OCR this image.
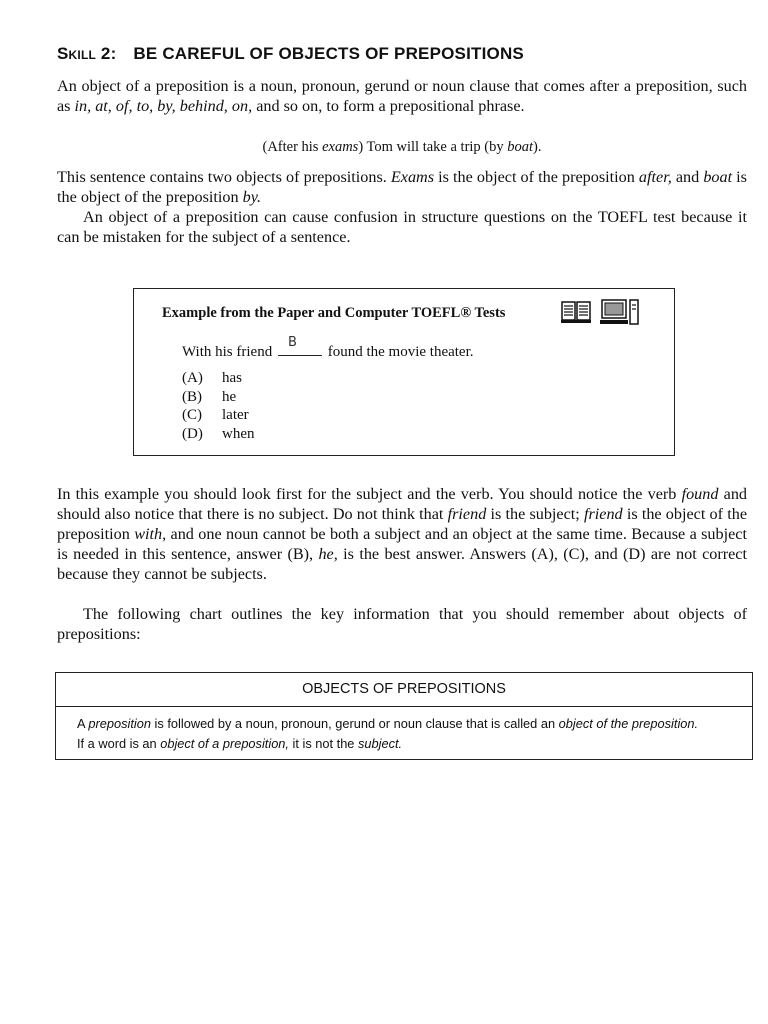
Skill 2: BE CAREFUL OF OBJECTS OF PREPOSITIONS

An object of a preposition is a noun, pronoun, gerund or noun clause that comes after a preposition, such as in, at, of, to, by, behind, on, and so on, to form a prepositional phrase.

(After his exams) Tom will take a trip (by boat).

This sentence contains two objects of prepositions. Exams is the object of the preposition after, and boat is the object of the preposition by.

An object of a preposition can cause confusion in structure questions on the TOEFL test because it can be mistaken for the subject of a sentence.

Example from the Paper and Computer TOEFL® Tests
With his friend
B
found the movie theater.
(A) has
(B) he
(C) later
(D) when

In this example you should look first for the subject and the verb. You should notice the verb found and should also notice that there is no subject. Do not think that friend is the subject; friend is the object of the preposition with, and one noun cannot be both a subject and an object at the same time. Because a subject is needed in this sentence, answer (B), he, is the best answer. Answers (A), (C), and (D) are not correct because they cannot be subjects.

The following chart outlines the key information that you should remember about objects of prepositions:

OBJECTS OF PREPOSITIONS
A preposition is followed by a noun, pronoun, gerund or noun clause that is called an object of the preposition.
If a word is an object of a preposition, it is not the subject.
